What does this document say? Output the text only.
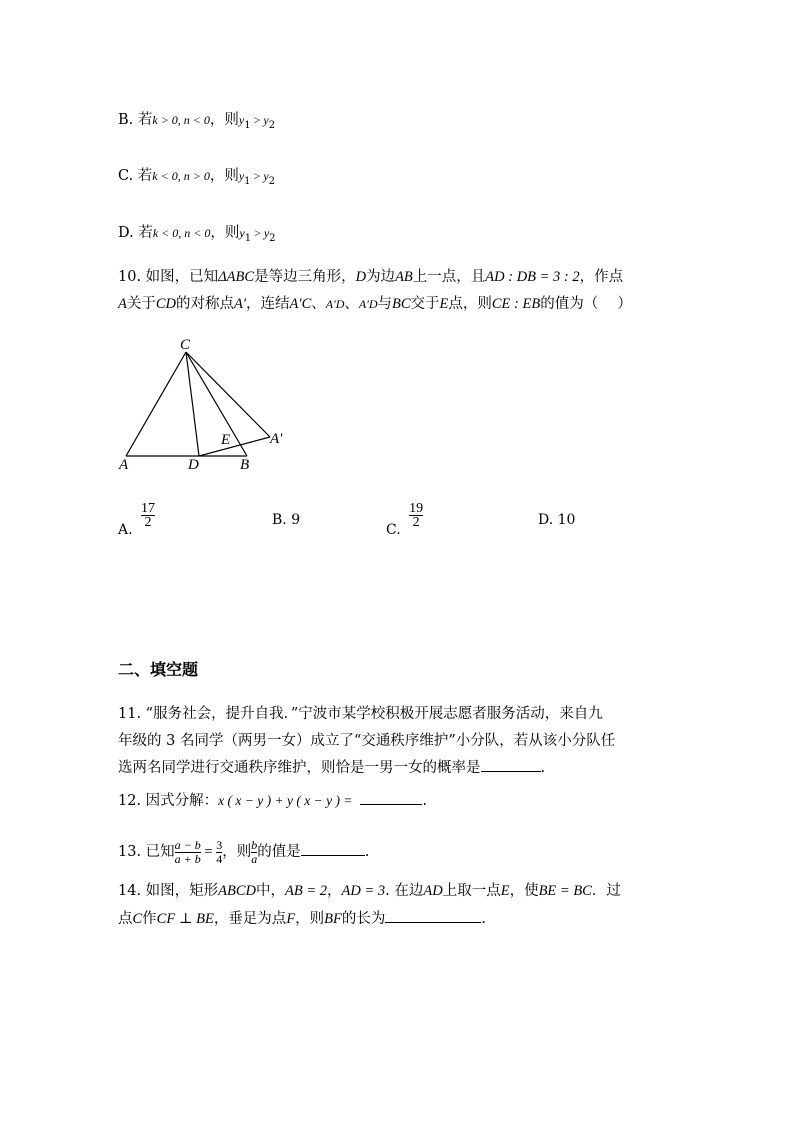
B. 若k > 0, n < 0，则$y_1 > y_2$
C. 若k < 0, n > 0，则$y_1 > y_2$
D. 若k < 0, n < 0，则$y_1 > y_2$
10. 如图，已知ΔABC是等边三角形，D为边AB上一点，且AD : DB = 3 : 2，作点
A关于CD的对称点A′，连结A′C、A′D、A′D与BC交于E点，则CE : EB的值为（　 ）
C
A	D	B
E	A′
A.
$\frac{17}{2}$	B. 9
C.
$\frac{19}{2}$	D. 10
二、填空题
11. “服务社会，提升自我．”宁波市某学校积极开展志愿者服务活动，来自九
年级的 3 名同学（两男一女）成立了“交通秩序维护”小分队，若从该小分队任
选两名同学进行交通秩序维护，则恰是一男一女的概率是	.
12. 因式分解：x ( x − y ) + y ( x − y ) =	.
13. 已知 $\frac{a - b}{a + b} = \frac{3}{4}$ ，则 $\frac{b}{a}$ 的值是	.
14. 如图，矩形ABCD中，AB = 2，AD = 3. 在边AD上取一点E，使BE = BC．过
点C作CF ⊥ BE，垂足为点F，则BF的长为	.
